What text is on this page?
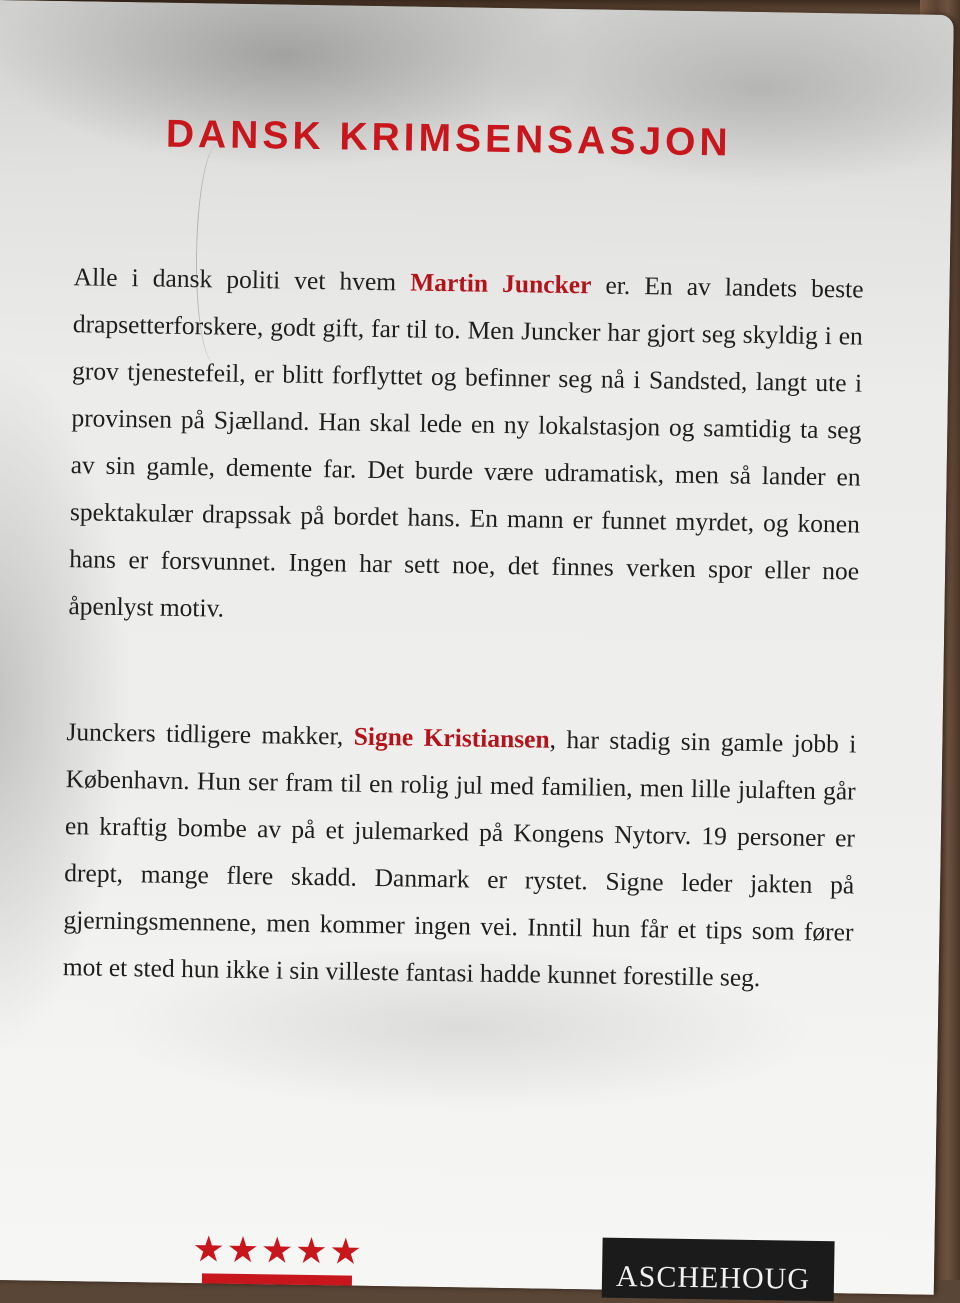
DANSK KRIMSENSASJON
Alle i dansk politi vet hvem Martin Juncker er. En av landets beste drapsetterforskere, godt gift, far til to. Men Juncker har gjort seg skyldig i en grov tjenestefeil, er blitt forflyttet og befinner seg nå i Sandsted, langt ute i provinsen på Sjælland. Han skal lede en ny lokalstasjon og samtidig ta seg av sin gamle, demente far. Det burde være udramatisk, men så lander en spektakulær drapssak på bordet hans. En mann er funnet myrdet, og konen hans er forsvunnet. Ingen har sett noe, det finnes verken spor eller noe åpenlyst motiv.
Junckers tidligere makker, Signe Kristiansen, har stadig sin gamle jobb i København. Hun ser fram til en rolig jul med familien, men lille julaften går en kraftig bombe av på et julemarked på Kongens Nytorv. 19 personer er drept, mange flere skadd. Danmark er rystet. Signe leder jakten på gjerningsmennene, men kommer ingen vei. Inntil hun får et tips som fører mot et sted hun ikke i sin villeste fantasi hadde kunnet forestille seg.
★★★★★
ASCHEHOUG
